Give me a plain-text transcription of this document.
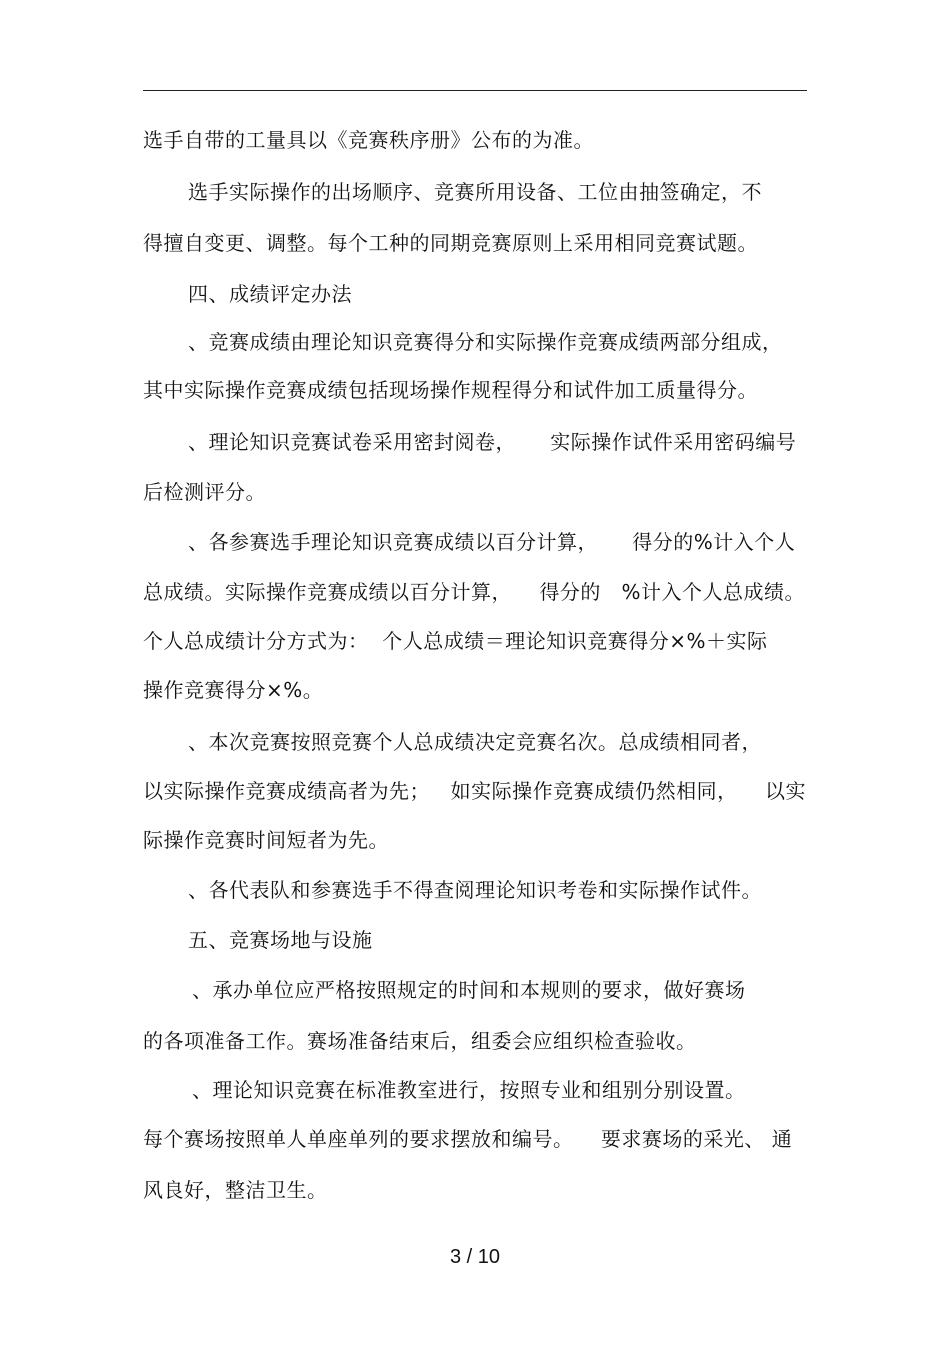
选手自带的工量具以《竞赛秩序册》公布的为准。
选手实际操作的出场顺序、竞赛所用设备、工位由抽签确定，不
得擅自变更、调整。每个工种的同期竞赛原则上采用相同竞赛试题。
四、成绩评定办法
、竞赛成绩由理论知识竞赛得分和实际操作竞赛成绩两部分组成，
其中实际操作竞赛成绩包括现场操作规程得分和试件加工质量得分。
、理论知识竞赛试卷采用密封阅卷，     实际操作试件采用密码编号
后检测评分。
、各参赛选手理论知识竞赛成绩以百分计算，     得分的%计入个人
总成绩。实际操作竞赛成绩以百分计算，    得分的   %计入个人总成绩。
个人总成绩计分方式为：  个人总成绩＝理论知识竞赛得分×%＋实际
操作竞赛得分×%。
、本次竞赛按照竞赛个人总成绩决定竞赛名次。总成绩相同者，
以实际操作竞赛成绩高者为先；   如实际操作竞赛成绩仍然相同，    以实
际操作竞赛时间短者为先。
、各代表队和参赛选手不得查阅理论知识考卷和实际操作试件。
五、竞赛场地与设施
、承办单位应严格按照规定的时间和本规则的要求，做好赛场
的各项准备工作。赛场准备结束后，组委会应组织检查验收。
、理论知识竞赛在标准教室进行，按照专业和组别分别设置。
每个赛场按照单人单座单列的要求摆放和编号。    要求赛场的采光、 通
风良好，整洁卫生。
3 / 10
